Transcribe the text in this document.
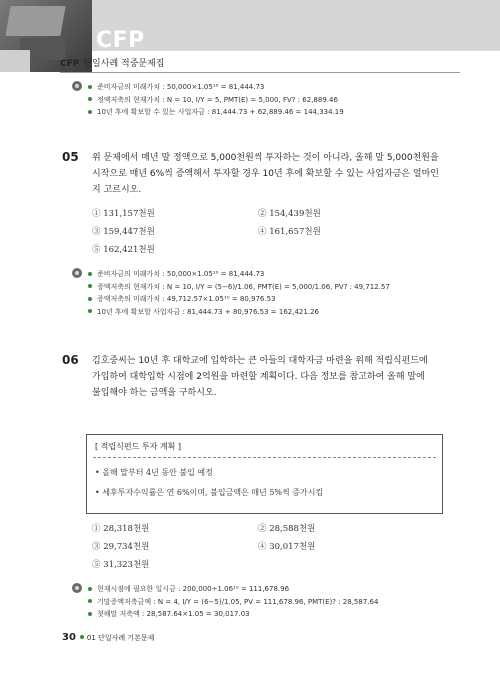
CFP
CFP 단일사례 적중문제집
준비자금의 미래가치 : 50,000×1.05¹⁰ = 81,444.73
정액저축의 현재가치 : N = 10, I/Y = 5, PMT(E) = 5,000, FV? : 62,889.46
10년 후에 확보할 수 있는 사업자금 : 81,444.73 + 62,889.46 = 144,334.19
05 위 문제에서 매년 말 정액으로 5,000천원씩 투자하는 것이 아니라, 올해 말 5,000천원을
시작으로 매년 6%씩 증액해서 투자할 경우 10년 후에 확보할 수 있는 사업자금은 얼마인
지 고르시오.
① 131,157천원	② 154,439천원
③ 159,447천원	④ 161,657천원
⑤ 162,421천원
준비자금의 미래가치 : 50,000×1.05¹⁰ = 81,444.73
증액저축의 현재가치 : N = 10, I/Y = (5−6)/1.06, PMT(E) = 5,000/1.06, PV? : 49,712.57
증액저축의 미래가치 : 49,712.57×1.05¹⁰ = 80,976.53
10년 후에 확보할 사업자금 : 81,444.73 + 80,976.53 = 162,421.26
06 김호중씨는 10년 후 대학교에 입학하는 큰 아들의 대학자금 마련을 위해 적립식펀드에
가입하여 대학입학 시점에 2억원을 마련할 계획이다. 다음 정보를 참고하여 올해 말에
불입해야 하는 금액을 구하시오.
[ 적립식펀드 투자 계획 ]
• 올해 말부터 4년 동안 불입 예정
• 세후투자수익률은 연 6%이며, 불입금액은 매년 5%씩 증가시킴
① 28,318천원	② 28,588천원
③ 29,734천원	④ 30,017천원
⑤ 31,323천원
현재시점에 필요한 일시금 : 200,000÷1.06¹⁰ = 111,678.96
기말증액저축금액 : N = 4, I/Y = (6−5)/1.05, PV = 111,678.96, PMT(E)? : 28,587.64
첫해말 저축액 : 28,587.64×1.05 = 30,017.03
30 01 단일사례 기본문제
